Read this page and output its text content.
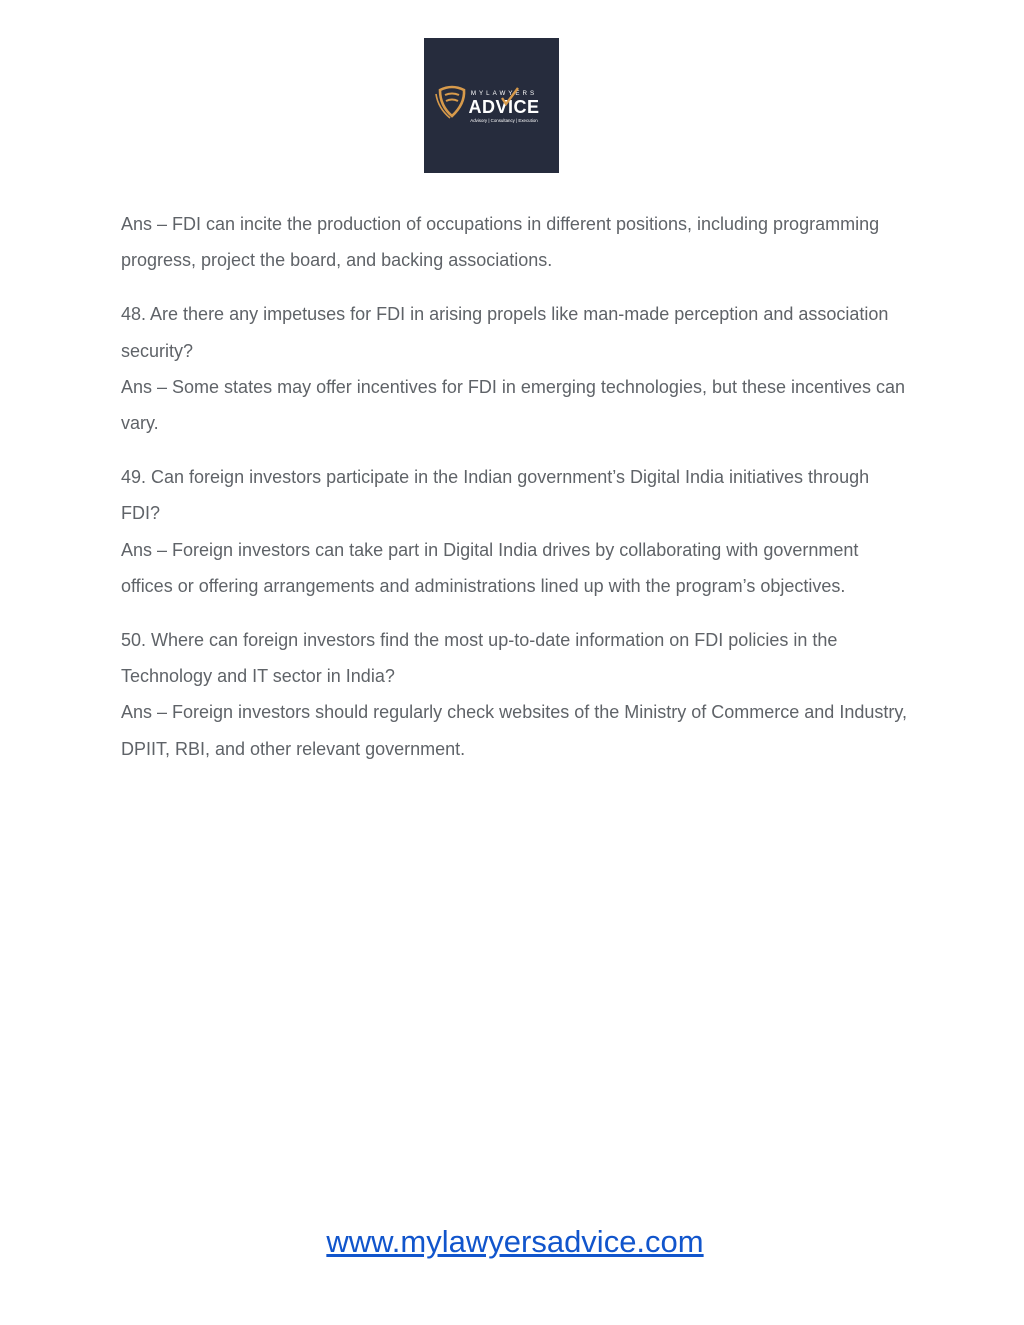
MYLAWYERS
ADVICE
Advisory | Consultancy | Execution

Ans – FDI can incite the production of occupations in different positions, including programming progress, project the board, and backing associations.

48. Are there any impetuses for FDI in arising propels like man-made perception and association security?

Ans – Some states may offer incentives for FDI in emerging technologies, but these incentives can vary.

49. Can foreign investors participate in the Indian government’s Digital India initiatives through FDI?

Ans – Foreign investors can take part in Digital India drives by collaborating with government offices or offering arrangements and administrations lined up with the program’s objectives.

50. Where can foreign investors find the most up-to-date information on FDI policies in the Technology and IT sector in India?

Ans – Foreign investors should regularly check websites of the Ministry of Commerce and Industry, DPIIT, RBI, and other relevant government.

www.mylawyersadvice.com
